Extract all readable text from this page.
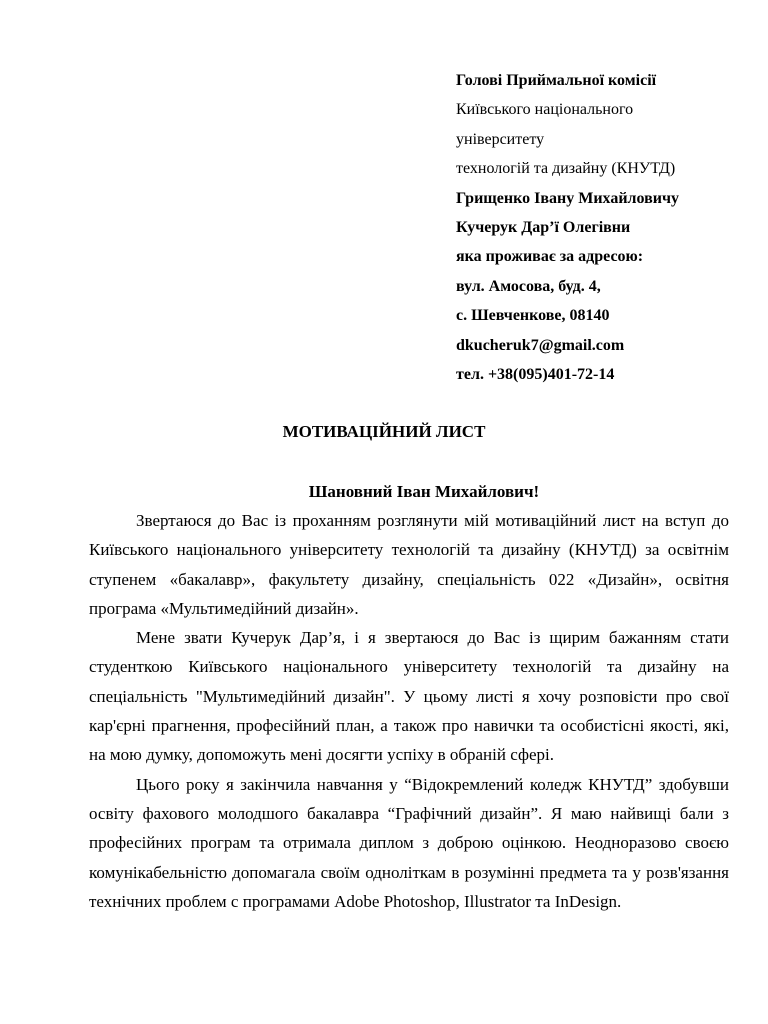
Голові Приймальної комісії
Київського національного
університету
технологій та дизайну (КНУТД)
Грищенко Івану Михайловичу
Кучерук Дар’ї Олегівни
яка проживає за адресою:
вул. Амосова, буд. 4,
с. Шевченкове, 08140
dkucheruk7@gmail.com
тел. +38(095)401-72-14
МОТИВАЦІЙНИЙ ЛИСТ
Шановний Іван Михайлович!

Звертаюся до Вас із проханням розглянути мій мотиваційний лист на вступ до Київського національного університету технологій та дизайну (КНУТД) за освітнім ступенем «бакалавр», факультету дизайну, спеціальність 022 «Дизайн», освітня програма «Мультимедійний дизайн».

Мене звати Кучерук Дар’я, і я звертаюся до Вас із щирим бажанням стати студенткою Київського національного університету технологій та дизайну на спеціальність "Мультимедійний дизайн". У цьому листі я хочу розповісти про свої кар'єрні прагнення, професійний план, а також про навички та особистісні якості, які, на мою думку, допоможуть мені досягти успіху в обраній сфері.

Цього року я закінчила навчання у “Відокремлений коледж КНУТД” здобувши освіту фахового молодшого бакалавра “Графічний дизайн”. Я маю найвищі бали з професійних програм та отримала диплом з доброю оцінкою. Неодноразово своєю комунікабельністю допомагала своїм одноліткам в розумінні предмета та у розв'язання технічних проблем с програмами Adobe Photoshop, Illustrator та InDesign.
